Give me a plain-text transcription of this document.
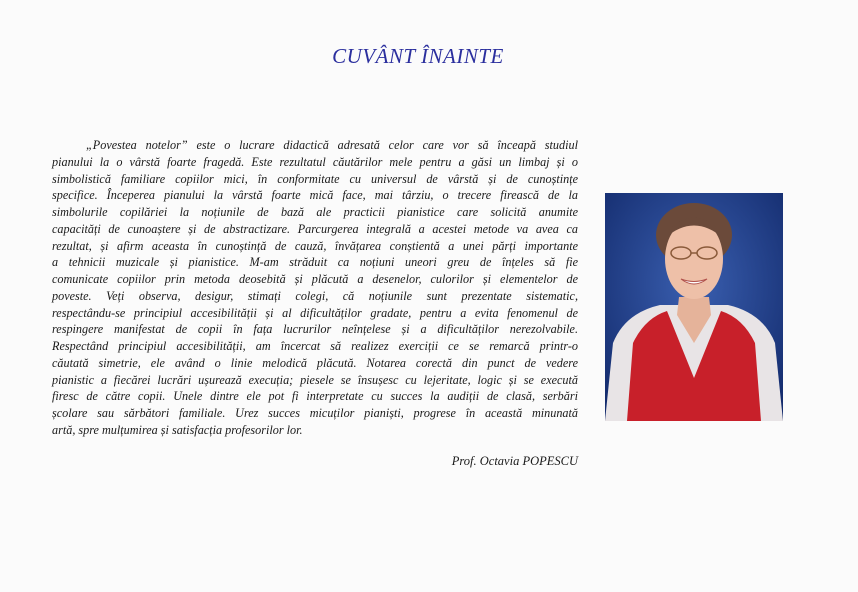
CUVÂNT ÎNAINTE
„Povestea notelor” este o lucrare didactică adresată celor care vor să înceapă studiul
pianului la o vârstă foarte fragedă. Este rezultatul căutărilor mele pentru a găsi un limbaj și o
simbolistică familiare copiilor mici, în conformitate cu universul de vârstă și de cunoștințe
specifice. Începerea pianului la vârstă foarte mică face, mai târziu, o trecere firească de la
simbolurile copilăriei la noțiunile de bază ale practicii pianistice care solicită anumite
capacități de cunoaștere și de abstractizare. Parcurgerea integrală a acestei metode va avea ca
rezultat, și afirm aceasta în cunoștință de cauză, învățarea conștientă a unei părți importante
a tehnicii muzicale și pianistice. M-am străduit ca noțiuni uneori greu de înțeles să fie
comunicate copiilor prin metoda deosebită și plăcută a desenelor, culorilor și elementelor de
poveste. Veți observa, desigur, stimați colegi, că noțiunile sunt prezentate sistematic,
respectându-se principiul accesibilității și al dificultăților gradate, pentru a evita fenomenul de
respingere manifestat de copii în fața lucrurilor neînțelese și a dificultăților nerezolvabile.
Respectând principiul accesibilității, am încercat să realizez exerciții ce se remarcă printr-o
căutată simetrie, ele având o linie melodică plăcută. Notarea corectă din punct de vedere
pianistic a fiecărei lucrări ușurează execuția; piesele se însușesc cu lejeritate, logic și se execută
firesc de către copii. Unele dintre ele pot fi interpretate cu succes la audiții de clasă, serbări
școlare sau sărbători familiale. Urez succes micuților pianiști, progrese în această minunată
artă, spre mulțumirea și satisfacția profesorilor lor.
Prof. Octavia POPESCU
